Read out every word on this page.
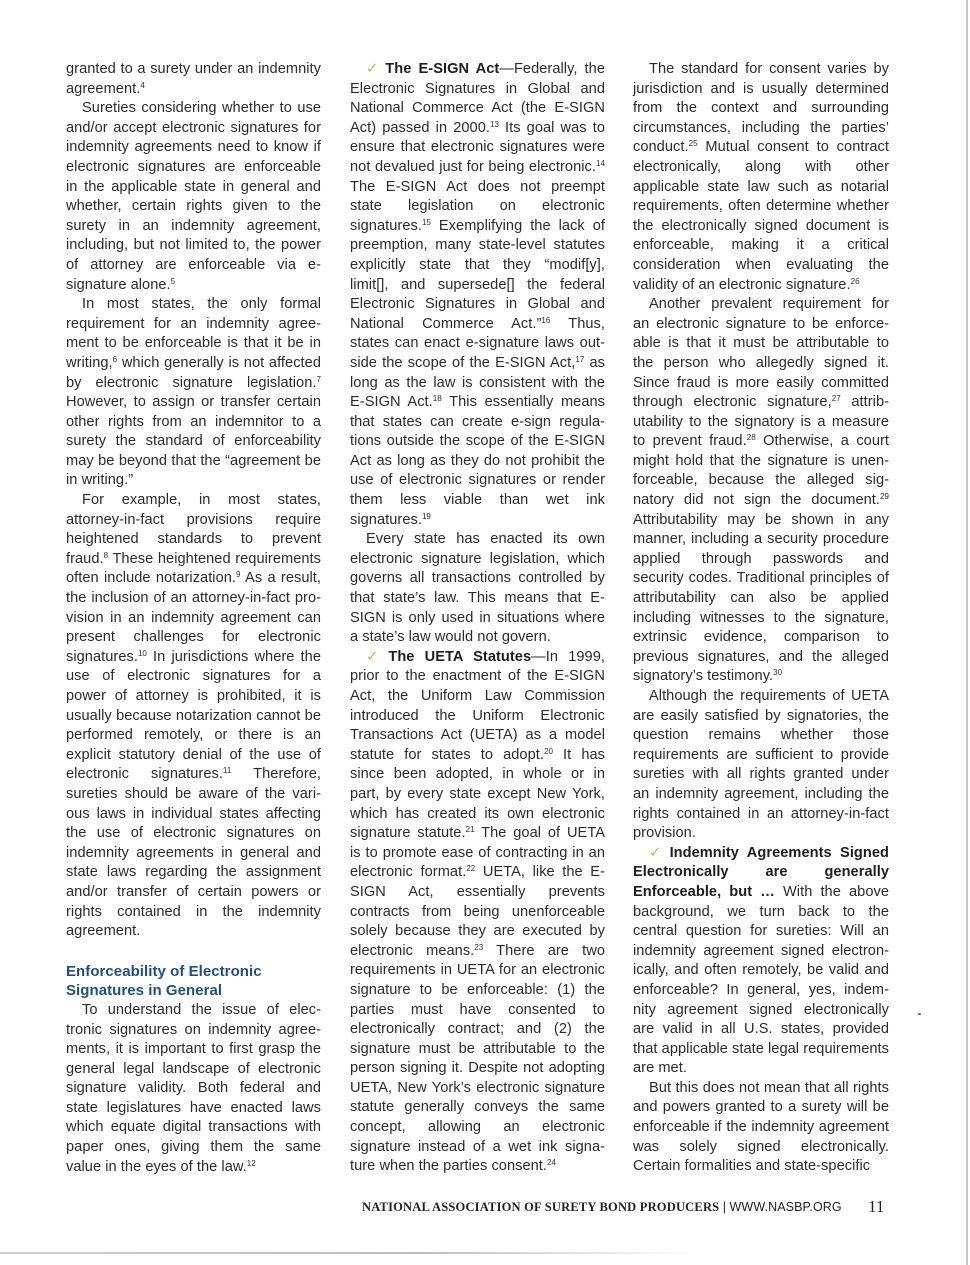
granted to a surety under an indemnity agreement.$^4$

Sureties considering whether to use and/or accept electronic signatures for indemnity agreements need to know if electronic signatures are enforceable in the applicable state in general and whether, certain rights given to the surety in an indemnity agreement, including, but not limited to, the power of attorney are enforceable via e-signature alone.$^5$

In most states, the only formal requirement for an indemnity agreement to be enforceable is that it be in writing,$^6$ which generally is not affected by electronic signature legislation.$^7$ However, to assign or transfer certain other rights from an indemnitor to a surety the standard of enforceability may be beyond that the “agreement be in writing.”

For example, in most states, attorney-in-fact provisions require heightened standards to prevent fraud.$^8$ These heightened requirements often include notarization.$^9$ As a result, the inclusion of an attorney-in-fact provision in an indemnity agreement can present challenges for electronic signatures.$^{10}$ In jurisdictions where the use of electronic signatures for a power of attorney is prohibited, it is usually because notarization cannot be performed remotely, or there is an explicit statutory denial of the use of electronic signatures.$^{11}$ Therefore, sureties should be aware of the various laws in individual states affecting the use of electronic signatures on indemnity agreements in general and state laws regarding the assignment and/or transfer of certain powers or rights contained in the indemnity agreement.

Enforceability of Electronic Signatures in General

To understand the issue of electronic signatures on indemnity agreements, it is important to first grasp the general legal landscape of electronic signature validity. Both federal and state legislatures have enacted laws which equate digital transactions with paper ones, giving them the same value in the eyes of the law.$^{12}$

✓ The E-SIGN Act—Federally, the Electronic Signatures in Global and National Commerce Act (the E-SIGN Act) passed in 2000.13 Its goal was to ensure that electronic signatures were not devalued just for being electronic.$^{14}$ The E-SIGN Act does not preempt state legislation on electronic signatures.$^{15}$ Exemplifying the lack of preemption, many state-level statutes explicitly state that they “modif[y], limit[], and supersede[] the federal Electronic Signatures in Global and National Commerce Act.”$^{16}$ Thus, states can enact e-signature laws outside the scope of the E-SIGN Act,$^{17}$ as long as the law is consistent with the E-SIGN Act.$^{18}$ This essentially means that states can create e-sign regulations outside the scope of the E-SIGN Act as long as they do not prohibit the use of electronic signatures or render them less viable than wet ink signatures.$^{19}$

Every state has enacted its own electronic signature legislation, which governs all transactions controlled by that state’s law. This means that E-SIGN is only used in situations where a state’s law would not govern.

✓ The UETA Statutes—In 1999, prior to the enactment of the E-SIGN Act, the Uniform Law Commission introduced the Uniform Electronic Transactions Act (UETA) as a model statute for states to adopt.$^{20}$ It has since been adopted, in whole or in part, by every state except New York, which has created its own electronic signature statute.$^{21}$ The goal of UETA is to promote ease of contracting in an electronic format.$^{22}$ UETA, like the E-SIGN Act, essentially prevents contracts from being unenforceable solely because they are executed by electronic means.$^{23}$ There are two requirements in UETA for an electronic signature to be enforceable: (1) the parties must have consented to electronically contract; and (2) the signature must be attributable to the person signing it. Despite not adopting UETA, New York’s electronic signature statute generally conveys the same concept, allowing an electronic signature instead of a wet ink signature when the parties consent.$^{24}$

The standard for consent varies by jurisdiction and is usually determined from the context and surrounding circumstances, including the parties’ conduct.$^{25}$ Mutual consent to contract electronically, along with other applicable state law such as notarial requirements, often determine whether the electronically signed document is enforceable, making it a critical consideration when evaluating the validity of an electronic signature.$^{26}$

Another prevalent requirement for an electronic signature to be enforceable is that it must be attributable to the person who allegedly signed it. Since fraud is more easily committed through electronic signature,$^{27}$ attributability to the signatory is a measure to prevent fraud.$^{28}$ Otherwise, a court might hold that the signature is unenforceable, because the alleged signatory did not sign the document.$^{29}$ Attributability may be shown in any manner, including a security procedure applied through passwords and security codes. Traditional principles of attributability can also be applied including witnesses to the signature, extrinsic evidence, comparison to previous signatures, and the alleged signatory’s testimony.$^{30}$

Although the requirements of UETA are easily satisfied by signatories, the question remains whether those requirements are sufficient to provide sureties with all rights granted under an indemnity agreement, including the rights contained in an attorney-in-fact provision.

✓ Indemnity Agreements Signed Electronically are generally Enforceable, but … With the above background, we turn back to the central question for sureties: Will an indemnity agreement signed electronically, and often remotely, be valid and enforceable? In general, yes, indemnity agreement signed electronically are valid in all U.S. states, provided that applicable state legal requirements are met.

But this does not mean that all rights and powers granted to a surety will be enforceable if the indemnity agreement was solely signed electronically. Certain formalities and state-specific

NATIONAL ASSOCIATION OF SURETY BOND PRODUCERS | WWW.NASBP.ORG	11
